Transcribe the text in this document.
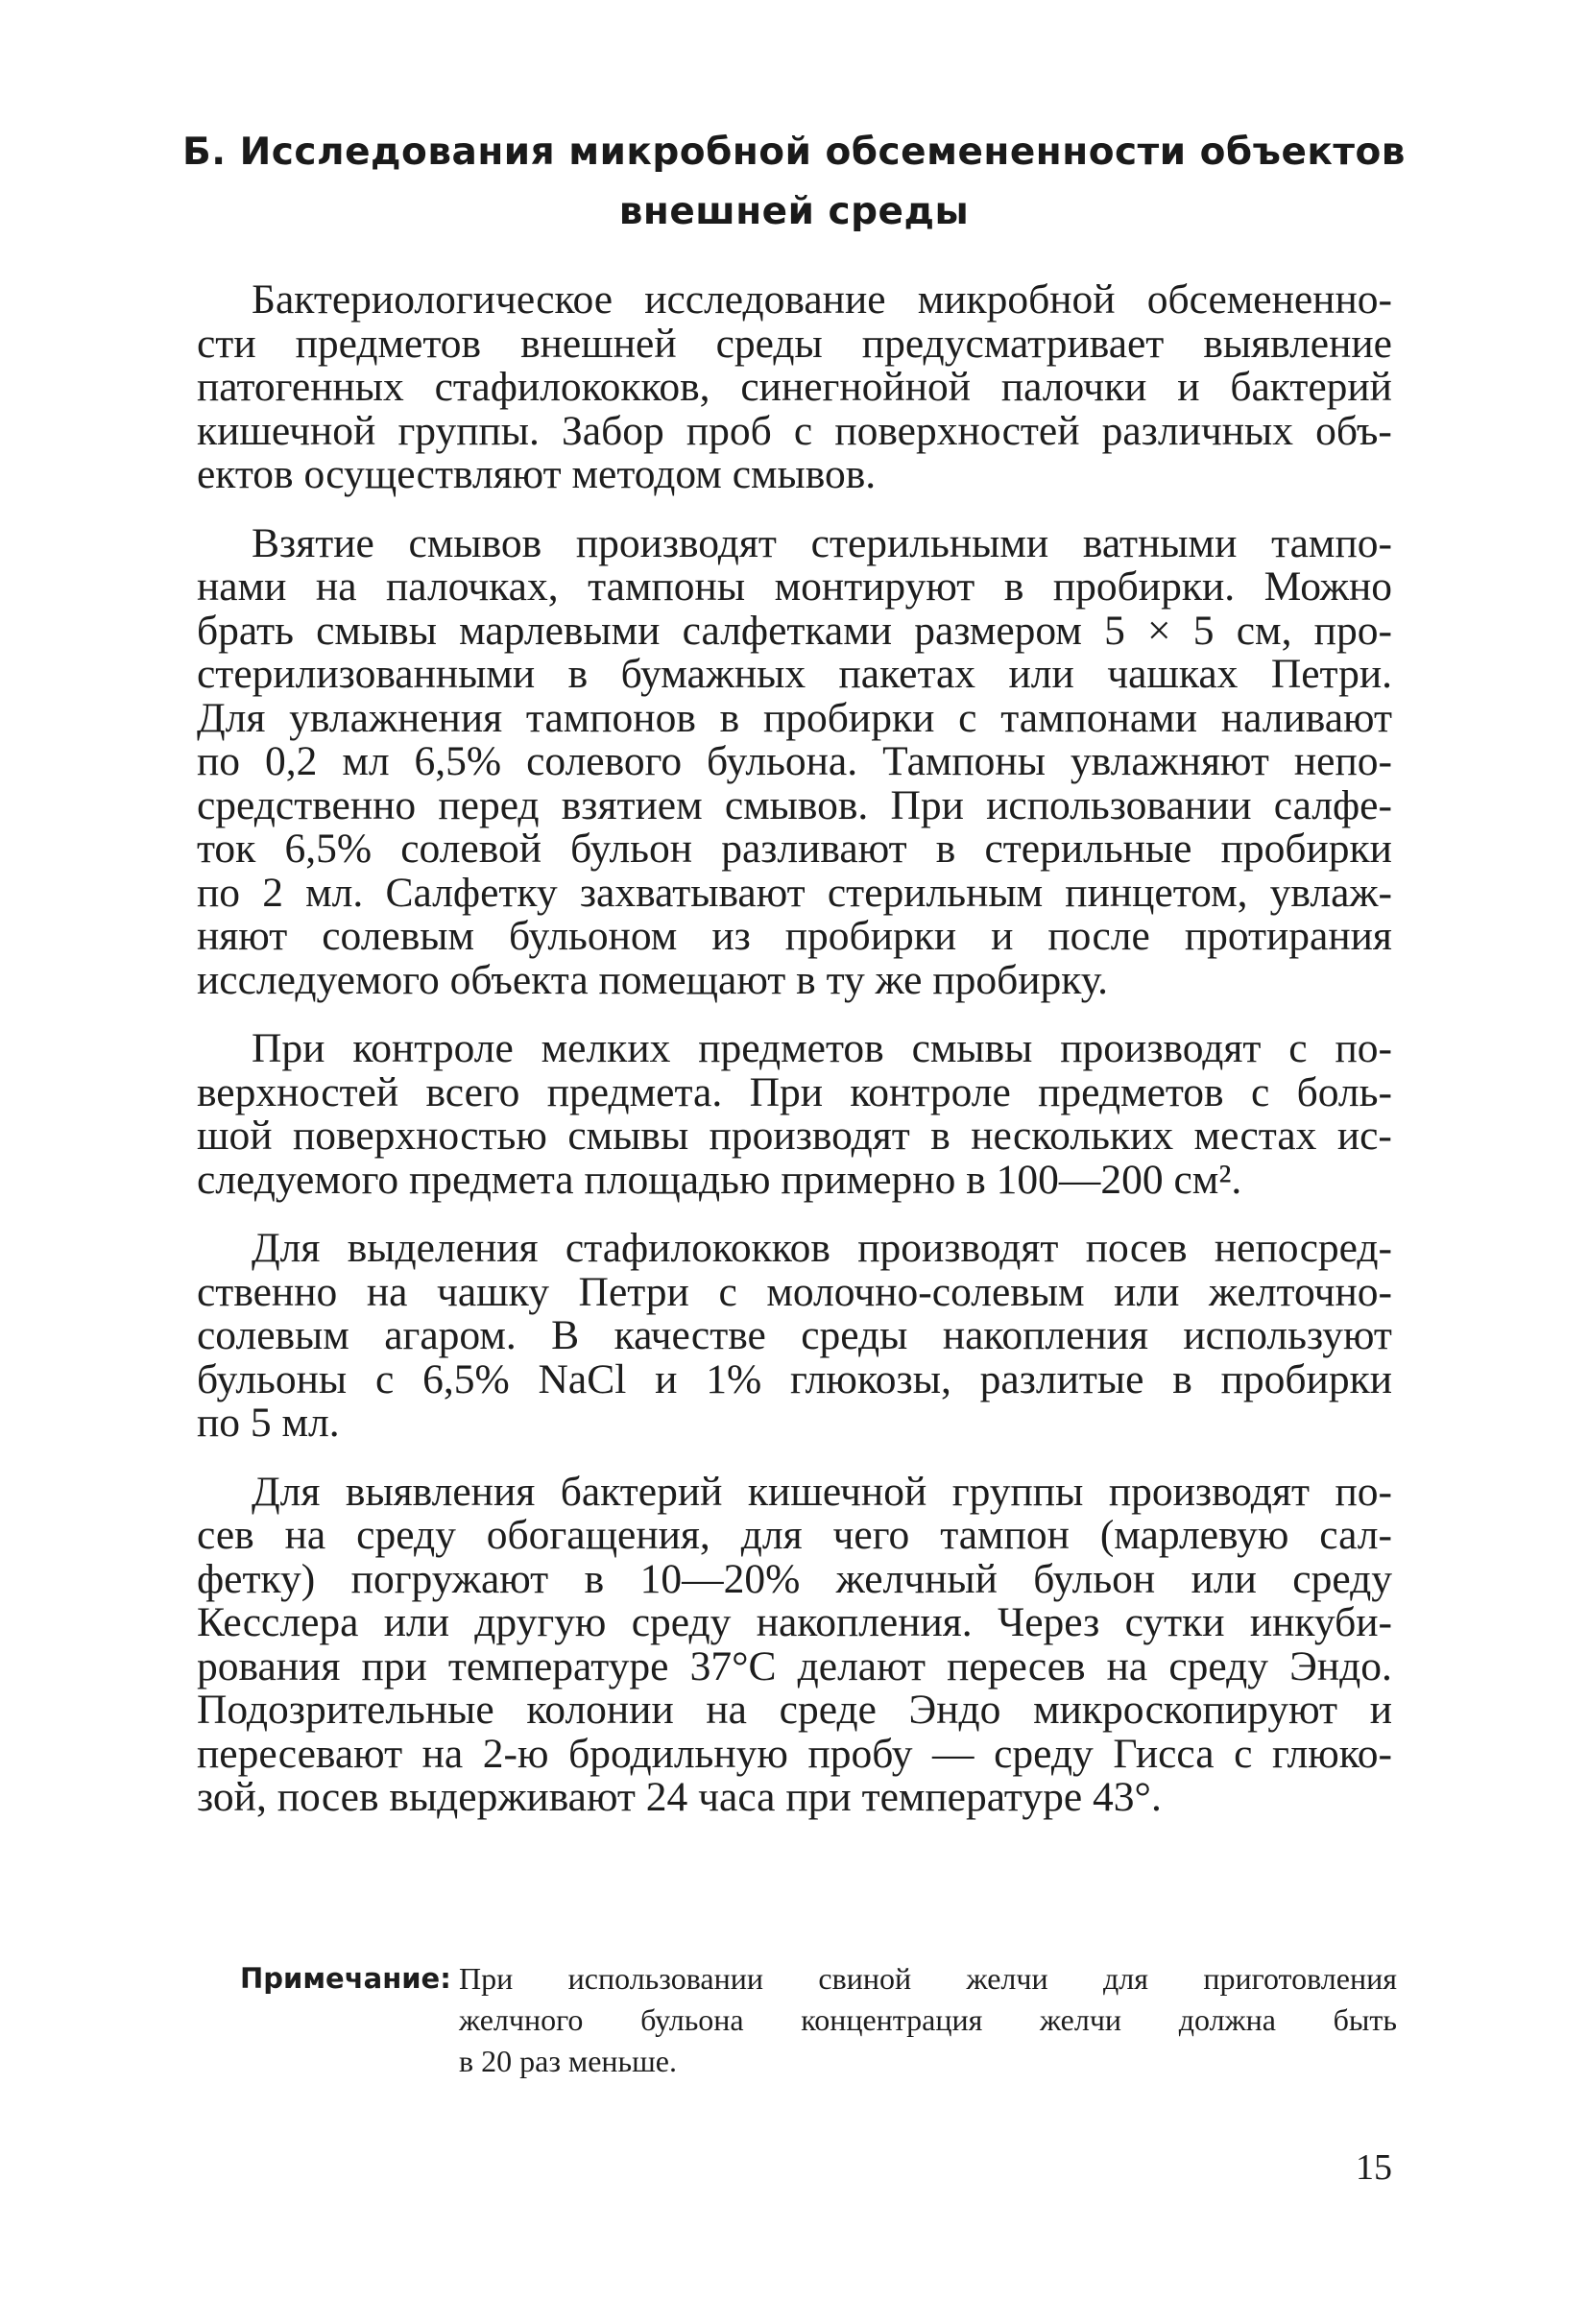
Б. Исследования микробной обсемененности объектов
внешней среды
Бактериологическое исследование микробной обсемененно-
сти предметов внешней среды предусматривает выявление
патогенных стафилококков, синегнойной палочки и бактерий
кишечной группы. Забор проб с поверхностей различных объ-
ектов осуществляют методом смывов.
Взятие смывов производят стерильными ватными тампо-
нами на палочках, тампоны монтируют в пробирки. Можно
брать смывы марлевыми салфетками размером 5 × 5 см, про-
стерилизованными в бумажных пакетах или чашках Петри.
Для увлажнения тампонов в пробирки с тампонами наливают
по 0,2 мл 6,5% солевого бульона. Тампоны увлажняют непо-
средственно перед взятием смывов. При использовании салфе-
ток 6,5% солевой бульон разливают в стерильные пробирки
по 2 мл. Салфетку захватывают стерильным пинцетом, увлаж-
няют солевым бульоном из пробирки и после протирания
исследуемого объекта помещают в ту же пробирку.
При контроле мелких предметов смывы производят с по-
верхностей всего предмета. При контроле предметов с боль-
шой поверхностью смывы производят в нескольких местах ис-
следуемого предмета площадью примерно в 100—200 см².
Для выделения стафилококков производят посев непосред-
ственно на чашку Петри с молочно-солевым или желточно-
солевым агаром. В качестве среды накопления используют
бульоны с 6,5% NaCl и 1% глюкозы, разлитые в пробирки
по 5 мл.
Для выявления бактерий кишечной группы производят по-
сев на среду обогащения, для чего тампон (марлевую сал-
фетку) погружают в 10—20% желчный бульон или среду
Кесслера или другую среду накопления. Через сутки инкуби-
рования при температуре 37°C делают пересев на среду Эндо.
Подозрительные колонии на среде Эндо микроскопируют и
пересевают на 2-ю бродильную пробу — среду Гисса с глюко-
зой, посев выдерживают 24 часа при температуре 43°.
Примечание: При использовании свиной желчи для приготовления
желчного бульона концентрация желчи должна быть
в 20 раз меньше.
15
